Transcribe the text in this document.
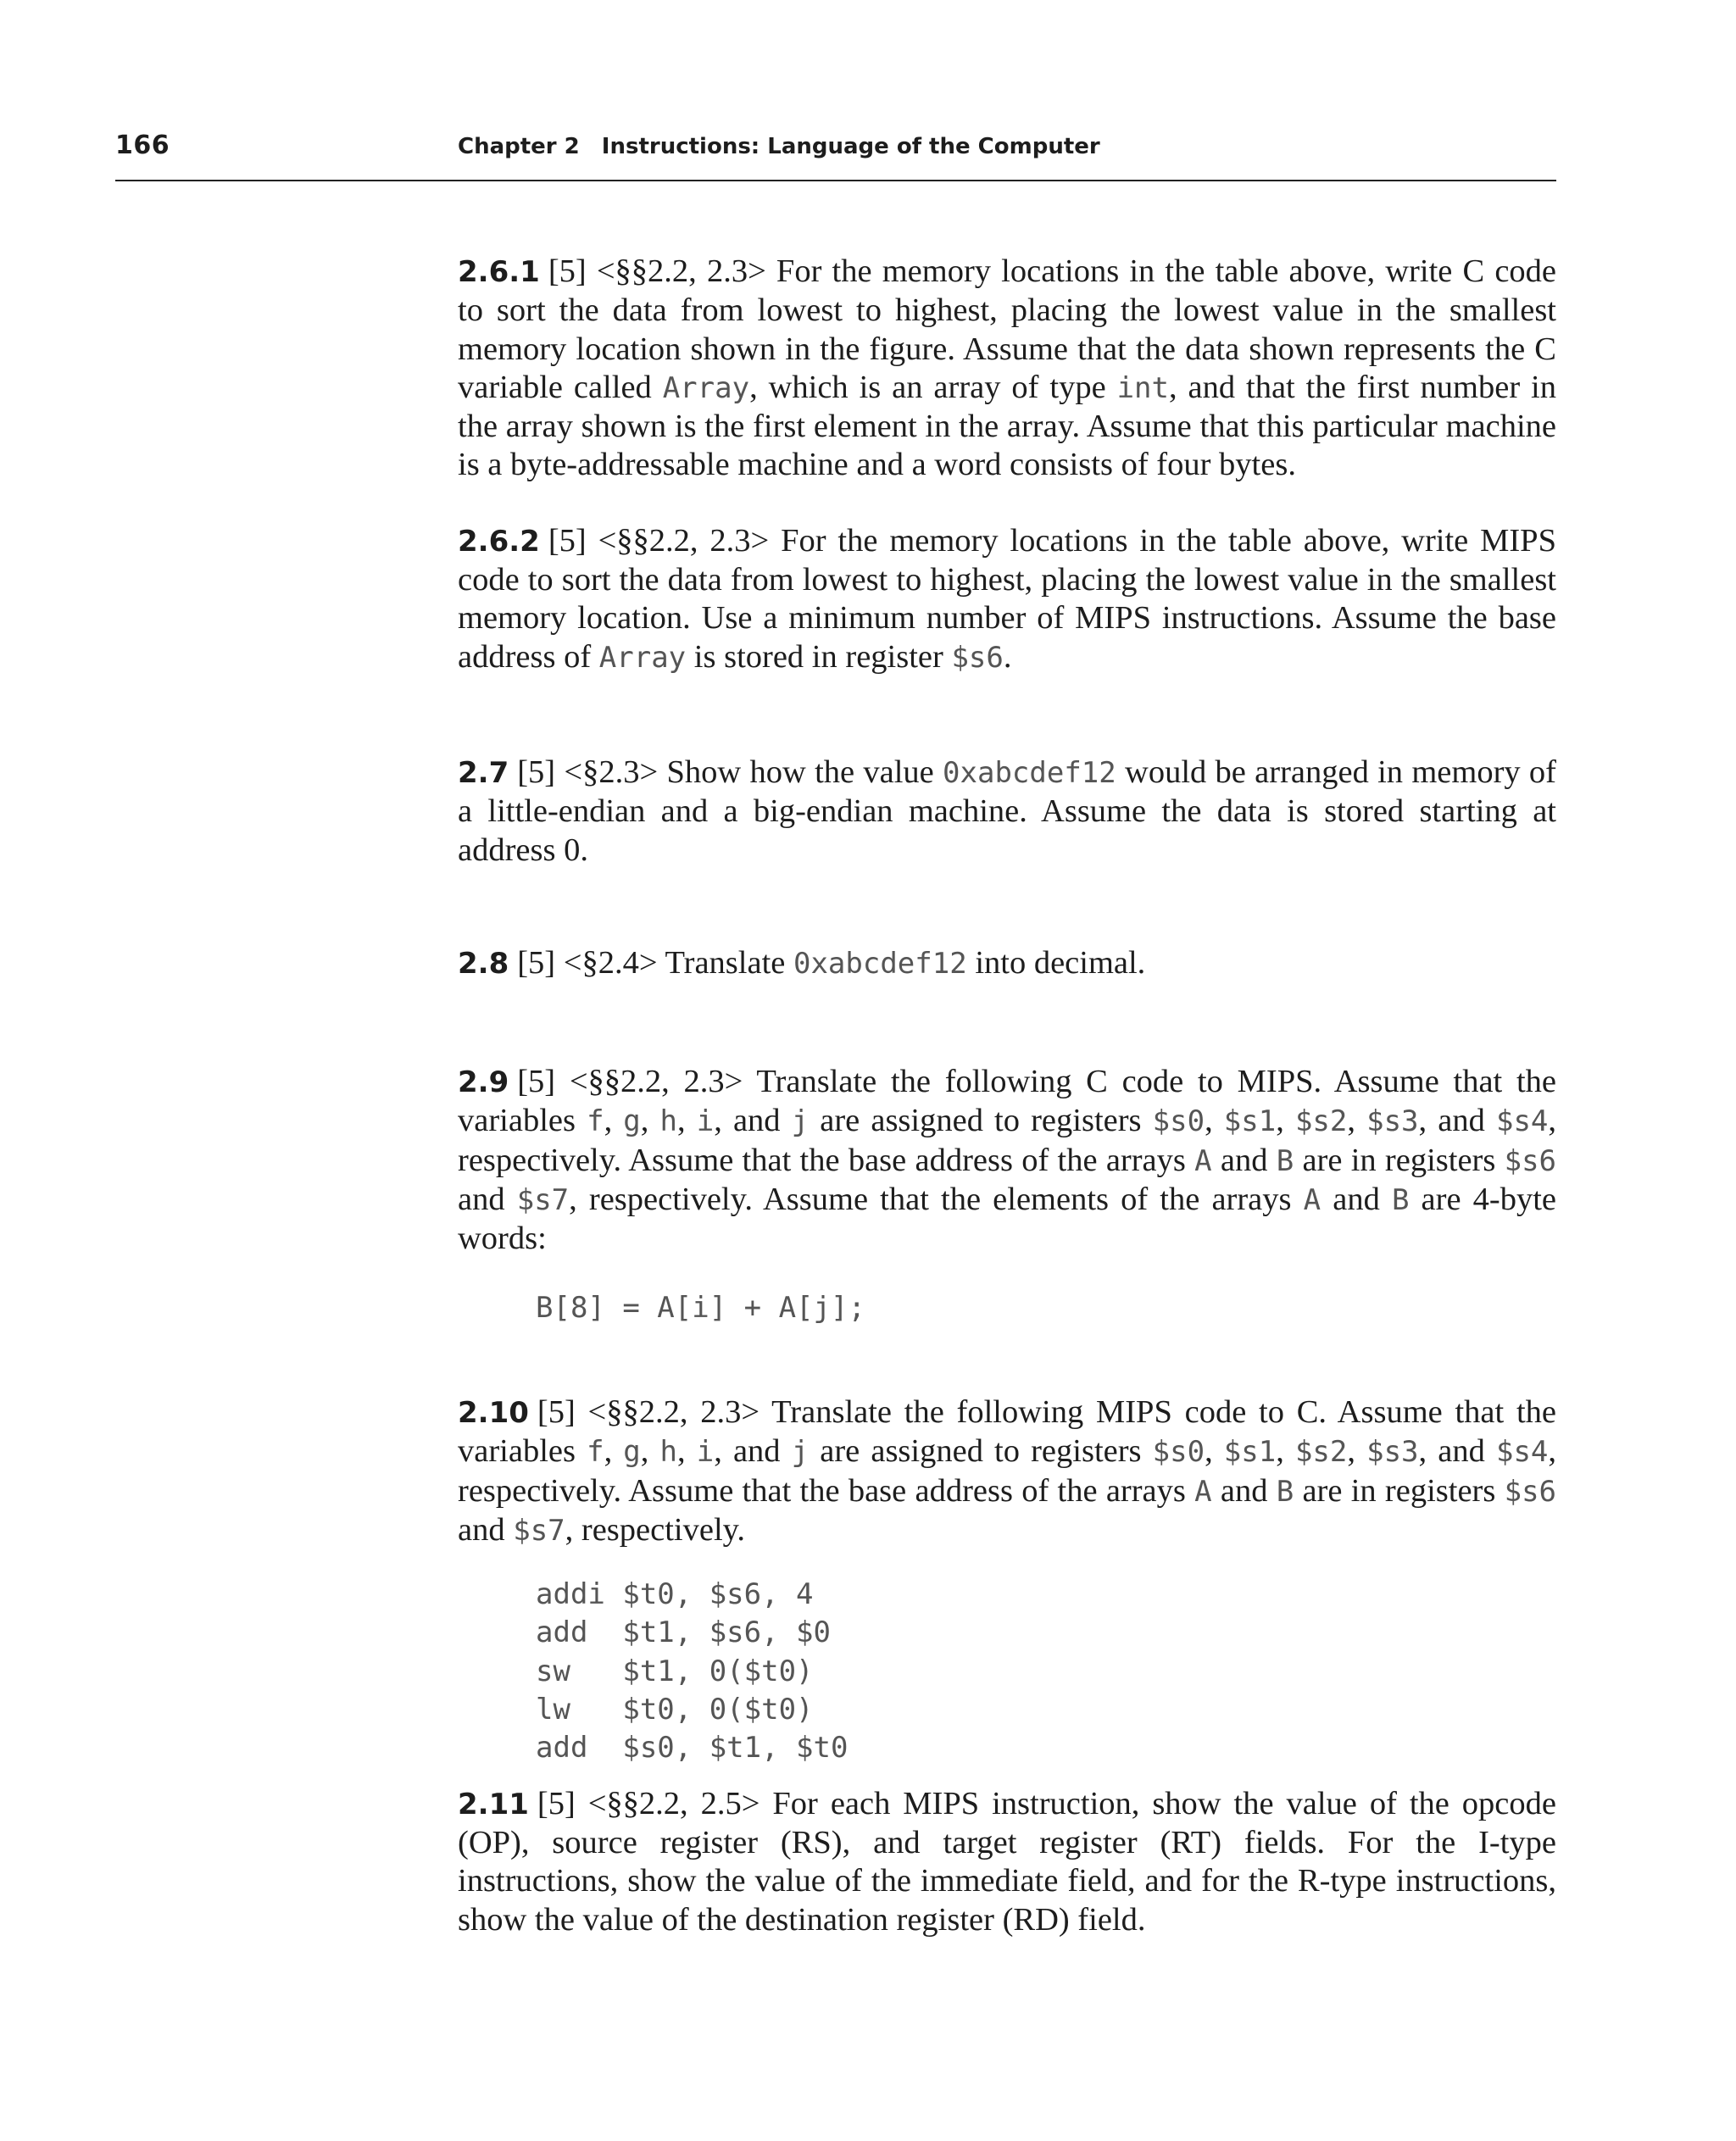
166	Chapter 2 Instructions: Language of the Computer

2.6.1 [5] <§§2.2, 2.3> For the memory locations in the table above, write C code to sort the data from lowest to highest, placing the lowest value in the smallest memory location shown in the figure. Assume that the data shown represents the C variable called Array, which is an array of type int, and that the first number in the array shown is the first element in the array. Assume that this particular machine is a byte-addressable machine and a word consists of four bytes.

2.6.2 [5] <§§2.2, 2.3> For the memory locations in the table above, write MIPS code to sort the data from lowest to highest, placing the lowest value in the smallest memory location. Use a minimum number of MIPS instructions. Assume the base address of Array is stored in register $s6.

2.7 [5] <§2.3> Show how the value 0xabcdef12 would be arranged in memory of a little-endian and a big-endian machine. Assume the data is stored starting at address 0.

2.8 [5] <§2.4> Translate 0xabcdef12 into decimal.

2.9 [5] <§§2.2, 2.3> Translate the following C code to MIPS. Assume that the variables f, g, h, i, and j are assigned to registers $s0, $s1, $s2, $s3, and $s4, respectively. Assume that the base address of the arrays A and B are in registers $s6 and $s7, respectively. Assume that the elements of the arrays A and B are 4-byte words:

B[8] = A[i] + A[j];

2.10 [5] <§§2.2, 2.3> Translate the following MIPS code to C. Assume that the variables f, g, h, i, and j are assigned to registers $s0, $s1, $s2, $s3, and $s4, respectively. Assume that the base address of the arrays A and B are in registers $s6 and $s7, respectively.

addi $t0, $s6, 4
add  $t1, $s6, $0
sw   $t1, 0($t0)
lw   $t0, 0($t0)
add  $s0, $t1, $t0

2.11 [5] <§§2.2, 2.5> For each MIPS instruction, show the value of the opcode (OP), source register (RS), and target register (RT) fields. For the I-type instructions, show the value of the immediate field, and for the R-type instructions, show the value of the destination register (RD) field.
